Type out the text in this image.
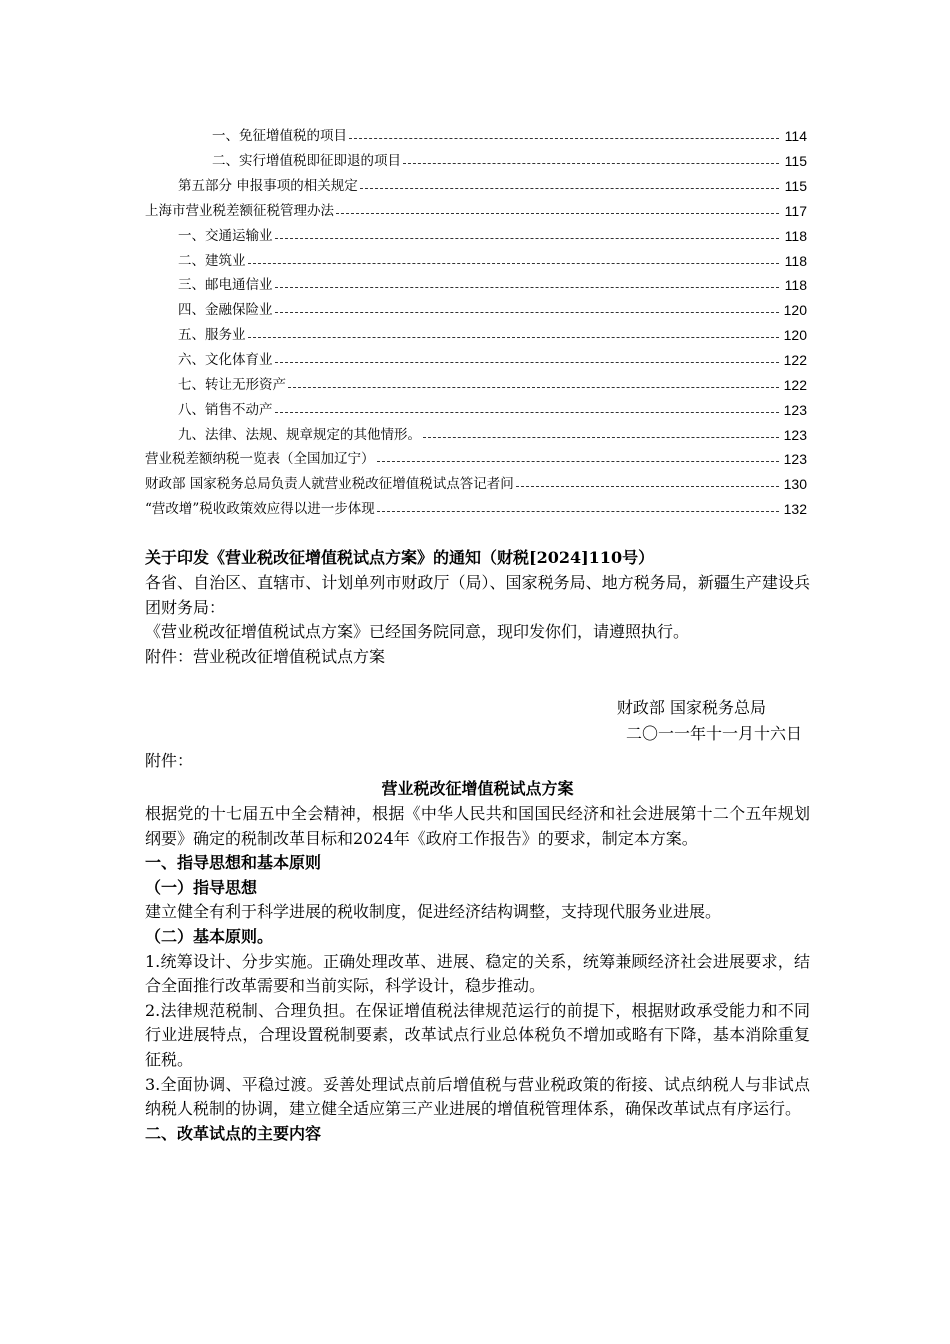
一、免征增值税的项目	114
二、实行增值税即征即退的项目	115
第五部分 申报事项的相关规定	115
上海市营业税差额征税管理办法	117
一、交通运输业	118
二、建筑业	118
三、邮电通信业	118
四、金融保险业	120
五、服务业	120
六、文化体育业	122
七、转让无形资产	122
八、销售不动产	123
九、法律、法规、规章规定的其他情形。	123
营业税差额纳税一览表（全国加辽宁）	123
财政部 国家税务总局负责人就营业税改征增值税试点答记者问	130
“营改增”税收政策效应得以进一步体现	132

关于印发《营业税改征增值税试点方案》的通知（财税[2024]110号）

各省、自治区、直辖市、计划单列市财政厅（局）、国家税务局、地方税务局，新疆生产建设兵团财务局：

《营业税改征增值税试点方案》已经国务院同意，现印发你们，请遵照执行。

附件：营业税改征增值税试点方案

财政部 国家税务总局

二〇一一年十一月十六日

附件：

营业税改征增值税试点方案

根据党的十七届五中全会精神，根据《中华人民共和国国民经济和社会进展第十二个五年规划纲要》确定的税制改革目标和2024年《政府工作报告》的要求，制定本方案。

一、指导思想和基本原则

（一）指导思想

建立健全有利于科学进展的税收制度，促进经济结构调整，支持现代服务业进展。

（二）基本原则。

1.统筹设计、分步实施。正确处理改革、进展、稳定的关系，统筹兼顾经济社会进展要求，结合全面推行改革需要和当前实际，科学设计，稳步推动。

2.法律规范税制、合理负担。在保证增值税法律规范运行的前提下，根据财政承受能力和不同行业进展特点，合理设置税制要素，改革试点行业总体税负不增加或略有下降，基本消除重复征税。

3.全面协调、平稳过渡。妥善处理试点前后增值税与营业税政策的衔接、试点纳税人与非试点纳税人税制的协调，建立健全适应第三产业进展的增值税管理体系，确保改革试点有序运行。

二、改革试点的主要内容
